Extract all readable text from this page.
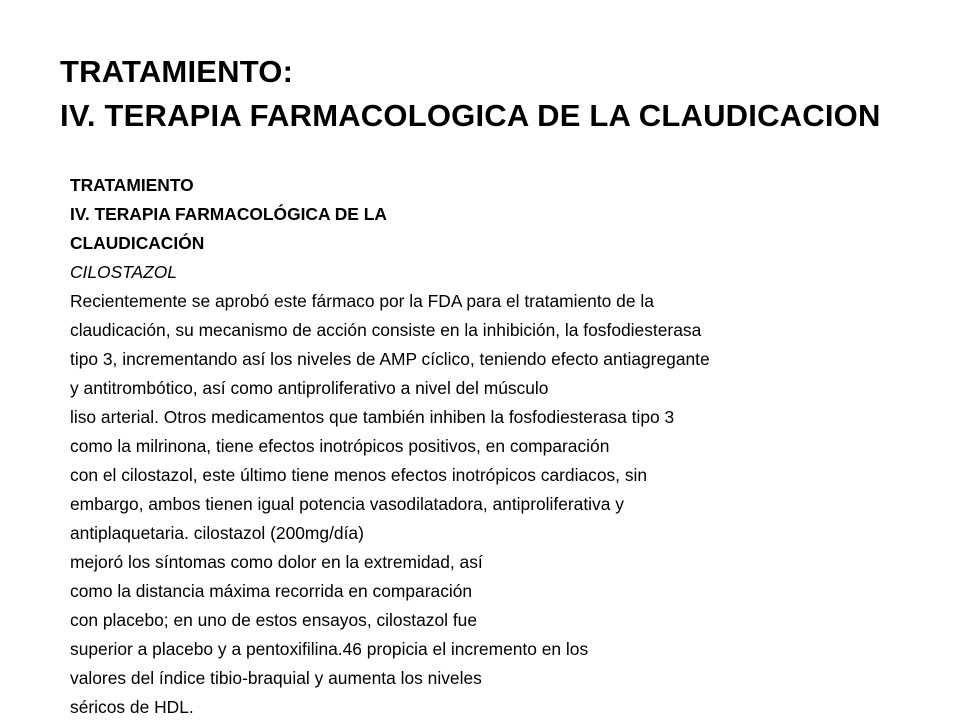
TRATAMIENTO:
IV. TERAPIA FARMACOLOGICA DE LA CLAUDICACION
TRATAMIENTO
IV. TERAPIA FARMACOLÓGICA DE LA
CLAUDICACIÓN
CILOSTAZOL
Recientemente se aprobó este fármaco por la FDA para el tratamiento de la
claudicación, su mecanismo de acción consiste en la inhibición, la fosfodiesterasa
tipo 3, incrementando así los niveles de AMP cíclico, teniendo efecto antiagregante
y antitrombótico, así como antiproliferativo a nivel del músculo
liso arterial. Otros medicamentos que también inhiben la fosfodiesterasa tipo 3
como la milrinona, tiene efectos inotrópicos positivos, en comparación
con el cilostazol, este último tiene menos efectos inotrópicos cardiacos, sin
embargo, ambos tienen igual potencia vasodilatadora, antiproliferativa y
antiplaquetaria. cilostazol (200mg/día)
mejoró los síntomas como dolor en la extremidad, así
como la distancia máxima recorrida en comparación
con placebo; en uno de estos ensayos, cilostazol fue
superior a placebo y a pentoxifilina.46 propicia el incremento en los
valores del índice tibio-braquial y aumenta los niveles
séricos de HDL.
